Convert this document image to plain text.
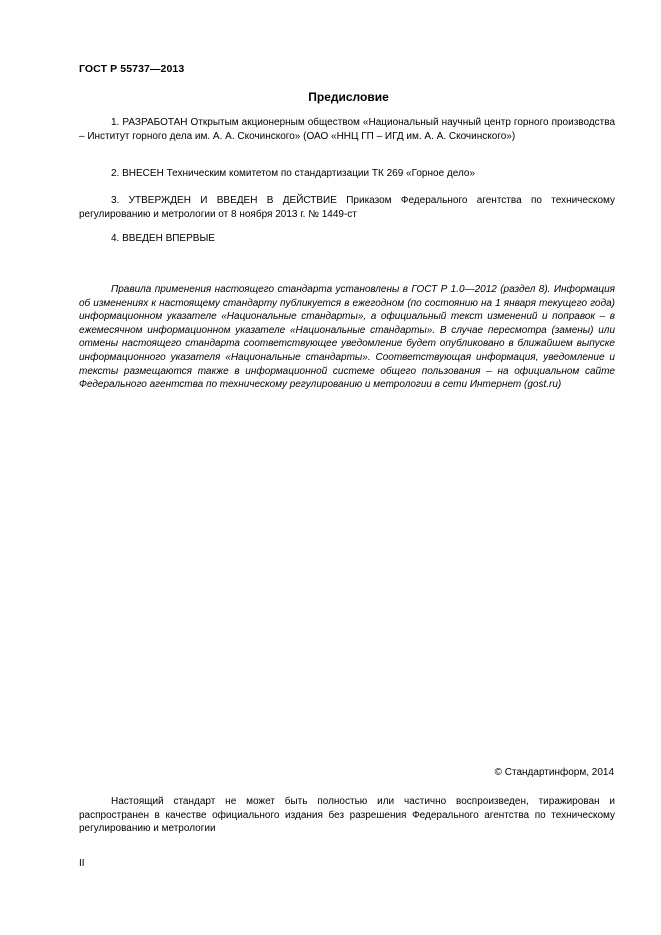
ГОСТ Р 55737—2013
Предисловие

1. РАЗРАБОТАН Открытым акционерным обществом «Национальный научный центр горного производства – Институт горного дела им. А. А. Скочинского» (ОАО «ННЦ ГП – ИГД им. А. А. Скочинского»)

2. ВНЕСЕН Техническим комитетом по стандартизации ТК 269 «Горное дело»

3. УТВЕРЖДЕН И ВВЕДЕН В ДЕЙСТВИЕ Приказом Федерального агентства по техническому регулированию и метрологии от 8 ноября 2013 г. № 1449-ст

4. ВВЕДЕН ВПЕРВЫЕ

Правила применения настоящего стандарта установлены в ГОСТ Р 1.0—2012 (раздел 8). Информация об изменениях к настоящему стандарту публикуется в ежегодном (по состоянию на 1 января текущего года) информационном указателе «Национальные стандарты», а официальный текст изменений и поправок – в ежемесячном информационном указателе «Национальные стандарты». В случае пересмотра (замены) или отмены настоящего стандарта соответствующее уведомление будет опубликовано в ближайшем выпуске информационного указателя «Национальные стандарты». Соответствующая информация, уведомление и тексты размещаются также в информационной системе общего пользования – на официальном сайте Федерального агентства по техническому регулированию и метрологии в сети Интернет (gost.ru)

© Стандартинформ, 2014

Настоящий стандарт не может быть полностью или частично воспроизведен, тиражирован и распространен в качестве официального издания без разрешения Федерального агентства по техническому регулированию и метрологии

II
